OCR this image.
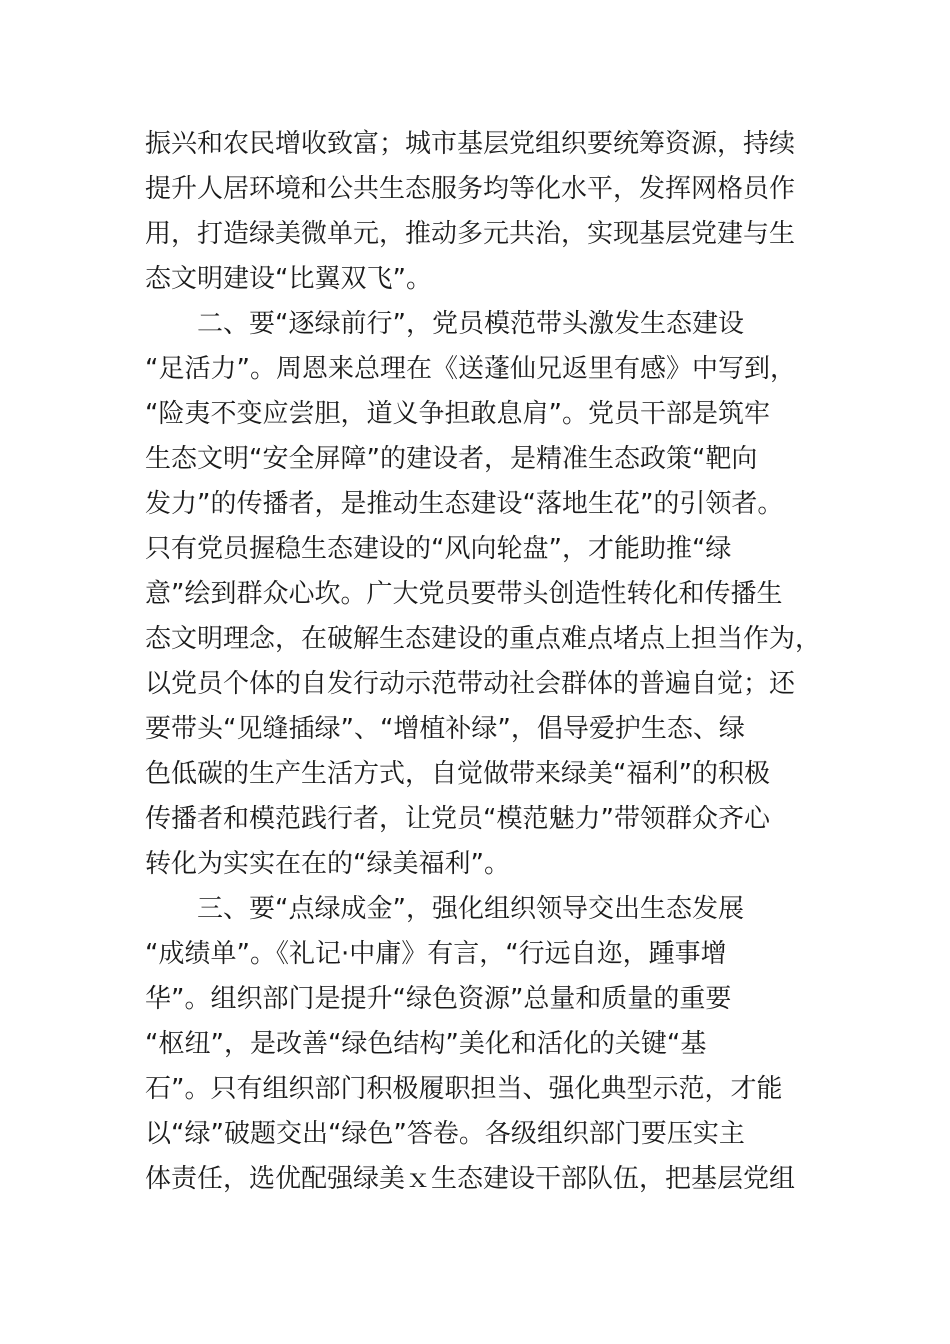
振兴和农民增收致富；城市基层党组织要统筹资源，持续
提升人居环境和公共生态服务均等化水平，发挥网格员作
用，打造绿美微单元，推动多元共治，实现基层党建与生
态文明建设“比翼双飞”。
二、要“逐绿前行”，党员模范带头激发生态建设
“足活力”。周恩来总理在《送蓬仙兄返里有感》中写到，
“险夷不变应尝胆，道义争担敢息肩”。党员干部是筑牢
生态文明“安全屏障”的建设者，是精准生态政策“靶向
发力”的传播者，是推动生态建设“落地生花”的引领者。
只有党员握稳生态建设的“风向轮盘”，才能助推“绿
意”绘到群众心坎。广大党员要带头创造性转化和传播生
态文明理念，在破解生态建设的重点难点堵点上担当作为，
以党员个体的自发行动示范带动社会群体的普遍自觉；还
要带头“见缝插绿”、“增植补绿”，倡导爱护生态、绿
色低碳的生产生活方式，自觉做带来绿美“福利”的积极
传播者和模范践行者，让党员“模范魅力”带领群众齐心
转化为实实在在的“绿美福利”。
三、要“点绿成金”，强化组织领导交出生态发展
“成绩单”。《礼记·中庸》有言，“行远自迩，踵事增
华”。组织部门是提升“绿色资源”总量和质量的重要
“枢纽”，是改善“绿色结构”美化和活化的关键“基
石”。只有组织部门积极履职担当、强化典型示范，才能
以“绿”破题交出“绿色”答卷。各级组织部门要压实主
体责任，选优配强绿美ｘ生态建设干部队伍，把基层党组
